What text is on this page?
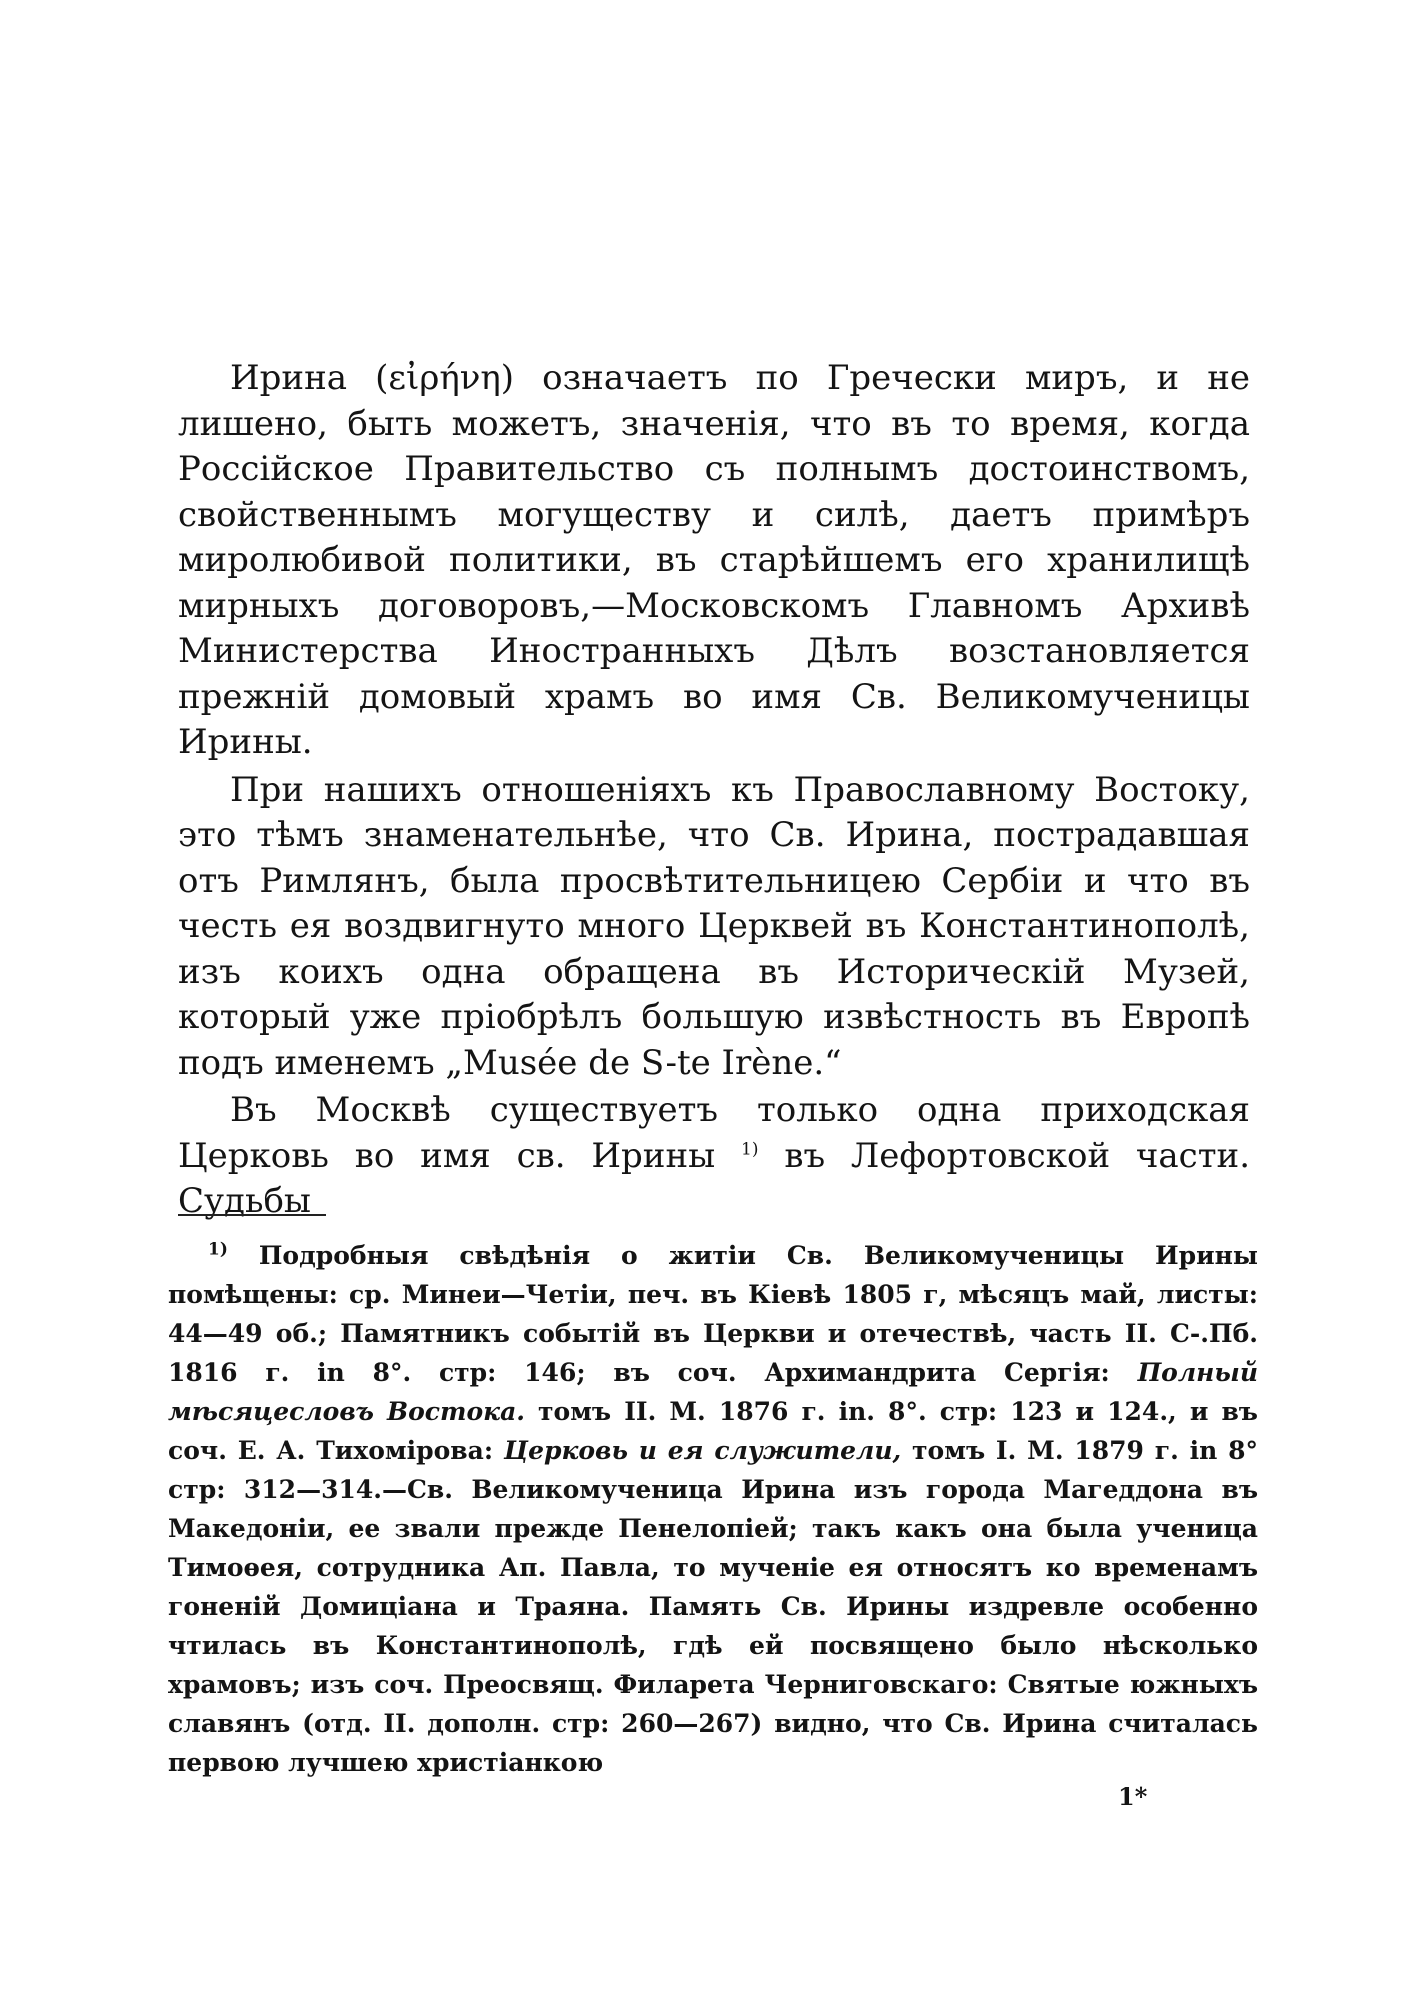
Ирина (εἰρήνη) означаетъ по Гречески миръ, и не лишено, быть можетъ, значенія, что въ то время, когда Россійское Правительство съ полнымъ достоинствомъ, свойственнымъ могуществу и силѣ, даетъ примѣръ миролюбивой политики, въ старѣйшемъ его хранилищѣ мирныхъ договоровъ,—Московскомъ Главномъ Архивѣ Министерства Иностранныхъ Дѣлъ возстановляется прежній домовый храмъ во имя Св. Великомученицы Ирины.

При нашихъ отношеніяхъ къ Православному Востоку, это тѣмъ знаменательнѣе, что Св. Ирина, пострадавшая отъ Римлянъ, была просвѣтительницею Сербіи и что въ честь ея воздвигнуто много Церквей въ Константинополѣ, изъ коихъ одна обращена въ Историческій Музей, который уже пріобрѣлъ большую извѣстность въ Европѣ подъ именемъ „Musée de S-te Irène.“

Въ Москвѣ существуетъ только одна приходская Церковь во имя св. Ирины $^{1)}$ въ Лефортовской части. Судьбы

$^{1)}$ Подробныя свѣдѣнія о житіи Св. Великомученицы Ирины помѣщены: ср. Минеи—Четіи, печ. въ Кіевѣ 1805 г, мѣсяцъ май, листы: 44—49 об.; Памятникъ событій въ Церкви и отечествѣ, часть II. С-.Пб. 1816 г. in 8°. стр: 146; въ соч. Архимандрита Сергія: Полный мѣсяцесловъ Востока. томъ II. М. 1876 г. in. 8°. стр: 123 и 124., и въ соч. Е. А. Тихомірова: Церковь и ея служители, томъ I. М. 1879 г. in 8° стр: 312—314.—Св. Великомученица Ирина изъ города Магеддона въ Македоніи, ее звали прежде Пенелопіей; такъ какъ она была ученица Тимоѳея, сотрудника Ап. Павла, то мученіе ея относятъ ко временамъ гоненій Домиціана и Траяна. Память Св. Ирины издревле особенно чтилась въ Константинополѣ, гдѣ ей посвящено было нѣсколько храмовъ; изъ соч. Преосвящ. Филарета Черниговскаго: Святые южныхъ славянъ (отд. II. дополн. стр: 260—267) видно, что Св. Ирина считалась первою лучшею христіанкою

1*
